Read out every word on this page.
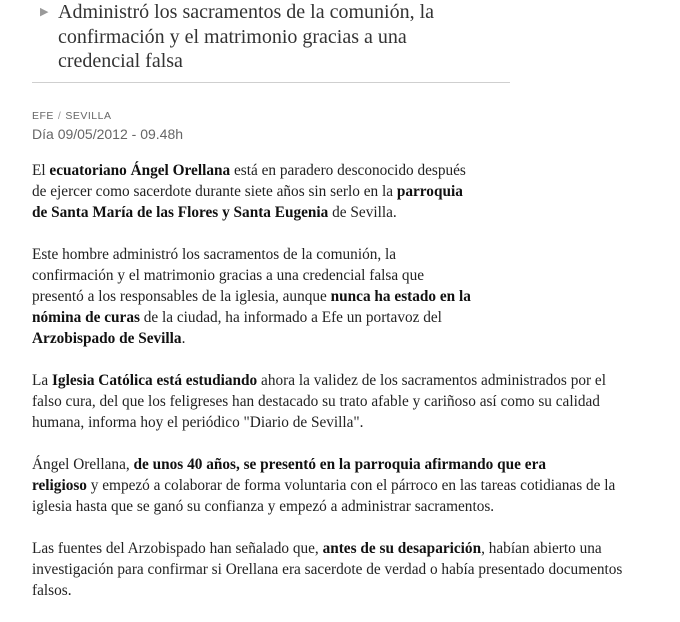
▶ Administró los sacramentos de la comunión, la confirmación y el matrimonio gracias a una credencial falsa
EFE / SEVILLA
Día 09/05/2012 - 09.48h

El ecuatoriano Ángel Orellana está en paradero desconocido después
de ejercer como sacerdote durante siete años sin serlo en la parroquia
de Santa María de las Flores y Santa Eugenia de Sevilla.

Este hombre administró los sacramentos de la comunión, la
confirmación y el matrimonio gracias a una credencial falsa que
presentó a los responsables de la iglesia, aunque nunca ha estado en la
nómina de curas de la ciudad, ha informado a Efe un portavoz del
Arzobispado de Sevilla.

La Iglesia Católica está estudiando ahora la validez de los sacramentos administrados por el
falso cura, del que los feligreses han destacado su trato afable y cariñoso así como su calidad
humana, informa hoy el periódico "Diario de Sevilla".

Ángel Orellana, de unos 40 años, se presentó en la parroquia afirmando que era
religioso y empezó a colaborar de forma voluntaria con el párroco en las tareas cotidianas de la
iglesia hasta que se ganó su confianza y empezó a administrar sacramentos.

Las fuentes del Arzobispado han señalado que, antes de su desaparición, habían abierto una
investigación para confirmar si Orellana era sacerdote de verdad o había presentado documentos
falsos.
